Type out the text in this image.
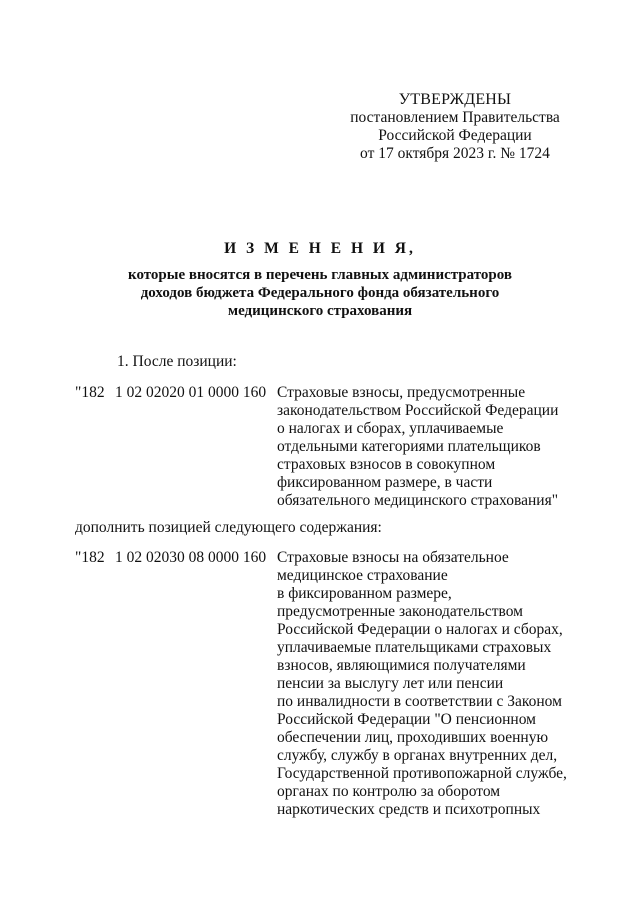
УТВЕРЖДЕНЫ
постановлением Правительства
Российской Федерации
от 17 октября 2023 г. № 1724
И З М Е Н Е Н И Я,
которые вносятся в перечень главных администраторов
доходов бюджета Федерального фонда обязательного
медицинского страхования
1. После позиции:
"182 1 02 02020 01 0000 160 Страховые взносы, предусмотренные
законодательством Российской Федерации
о налогах и сборах, уплачиваемые
отдельными категориями плательщиков
страховых взносов в совокупном
фиксированном размере, в части
обязательного медицинского страхования"
дополнить позицией следующего содержания:
"182 1 02 02030 08 0000 160 Страховые взносы на обязательное
медицинское страхование
в фиксированном размере,
предусмотренные законодательством
Российской Федерации о налогах и сборах,
уплачиваемые плательщиками страховых
взносов, являющимися получателями
пенсии за выслугу лет или пенсии
по инвалидности в соответствии с Законом
Российской Федерации "О пенсионном
обеспечении лиц, проходивших военную
службу, службу в органах внутренних дел,
Государственной противопожарной службе,
органах по контролю за оборотом
наркотических средств и психотропных
